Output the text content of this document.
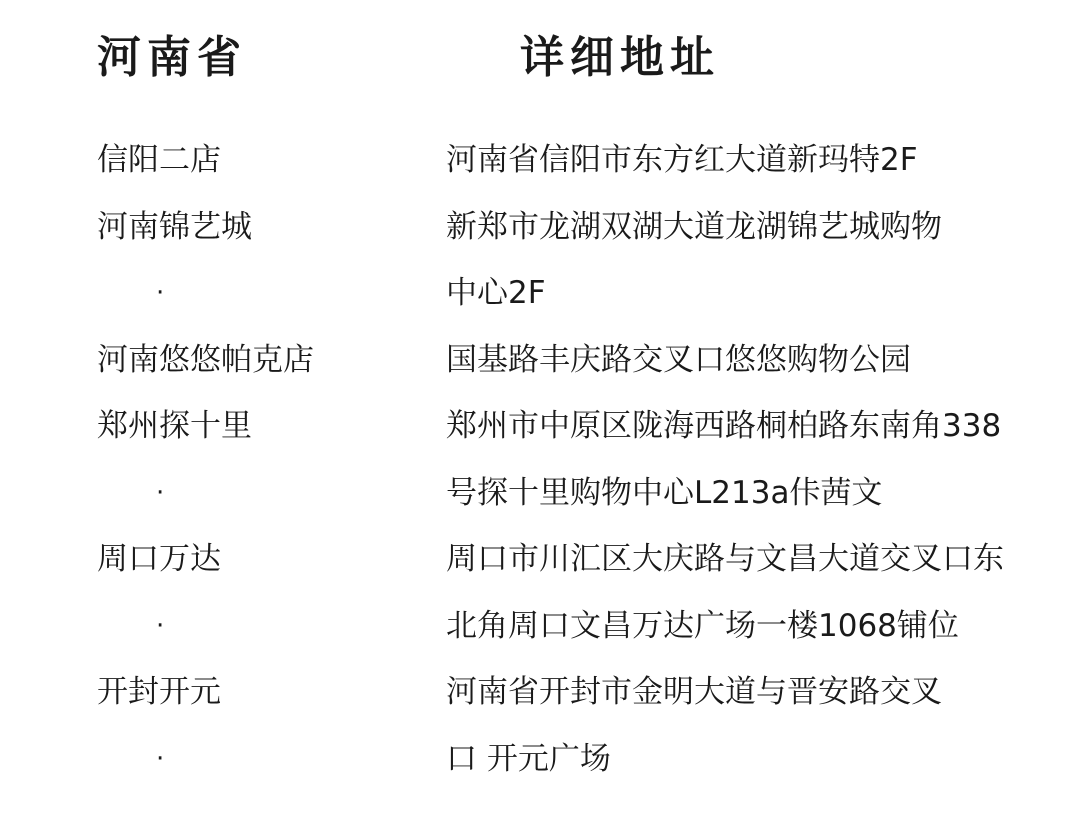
河南省	详细地址
信阳二店	河南省信阳市东方红大道新玛特2F
河南锦艺城	新郑市龙湖双湖大道龙湖锦艺城购物
·	中心2F
河南悠悠帕克店	国基路丰庆路交叉口悠悠购物公园
郑州探十里	郑州市中原区陇海西路桐柏路东南角338
·	号探十里购物中心L213a佧茜文
周口万达	周口市川汇区大庆路与文昌大道交叉口东
·	北角周口文昌万达广场一楼1068铺位
开封开元	河南省开封市金明大道与晋安路交叉
·	口 开元广场
